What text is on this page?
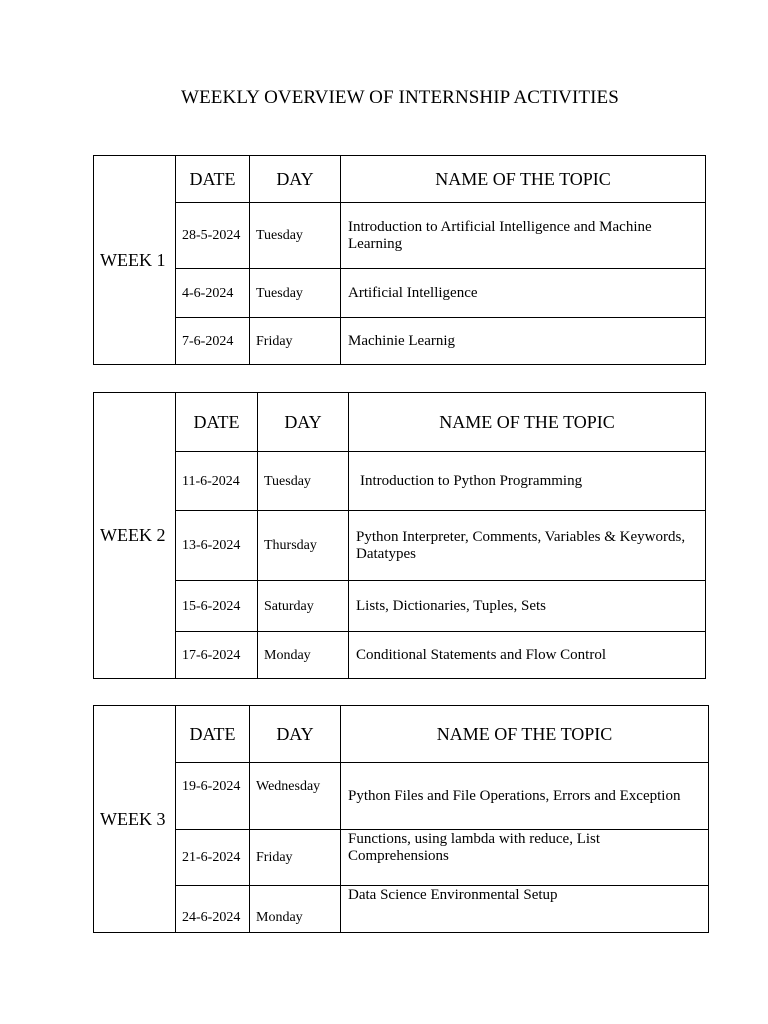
WEEKLY OVERVIEW OF INTERNSHIP ACTIVITIES
WEEK 1	DATE	DAY	NAME OF THE TOPIC
	28-5-2024	Tuesday	Introduction to Artificial Intelligence and Machine Learning
	4-6-2024	Tuesday	Artificial Intelligence
	7-6-2024	Friday	Machinie Learnig
WEEK 2	DATE	DAY	NAME OF THE TOPIC
	11-6-2024	Tuesday	Introduction to Python Programming
	13-6-2024	Thursday	Python Interpreter, Comments, Variables & Keywords, Datatypes
	15-6-2024	Saturday	Lists, Dictionaries, Tuples, Sets
	17-6-2024	Monday	Conditional Statements and Flow Control
WEEK 3	DATE	DAY	NAME OF THE TOPIC
	19-6-2024	Wednesday	Python Files and File Operations, Errors and Exception
	21-6-2024	Friday	Functions, using lambda with reduce, List Comprehensions
	24-6-2024	Monday	Data Science Environmental Setup
